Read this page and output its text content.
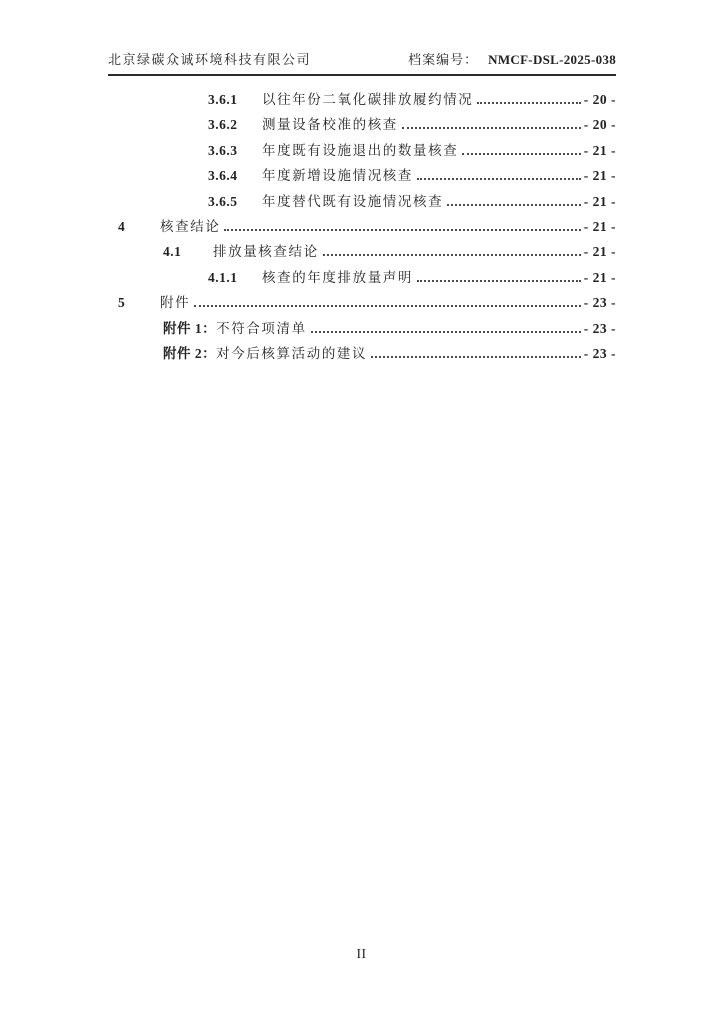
北京绿碳众诚环境科技有限公司	档案编号： NMCF-DSL-2025-038
3.6.1	以往年份二氧化碳排放履约情况	- 20 -
3.6.2	测量设备校准的核查	- 20 -
3.6.3	年度既有设施退出的数量核查	- 21 -
3.6.4	年度新增设施情况核查	- 21 -
3.6.5	年度替代既有设施情况核查	- 21 -
4	核查结论	- 21 -
4.1	排放量核查结论	- 21 -
4.1.1	核查的年度排放量声明	- 21 -
5	附件	- 23 -
附件 1： 不符合项清单	- 23 -
附件 2： 对今后核算活动的建议	- 23 -
II
